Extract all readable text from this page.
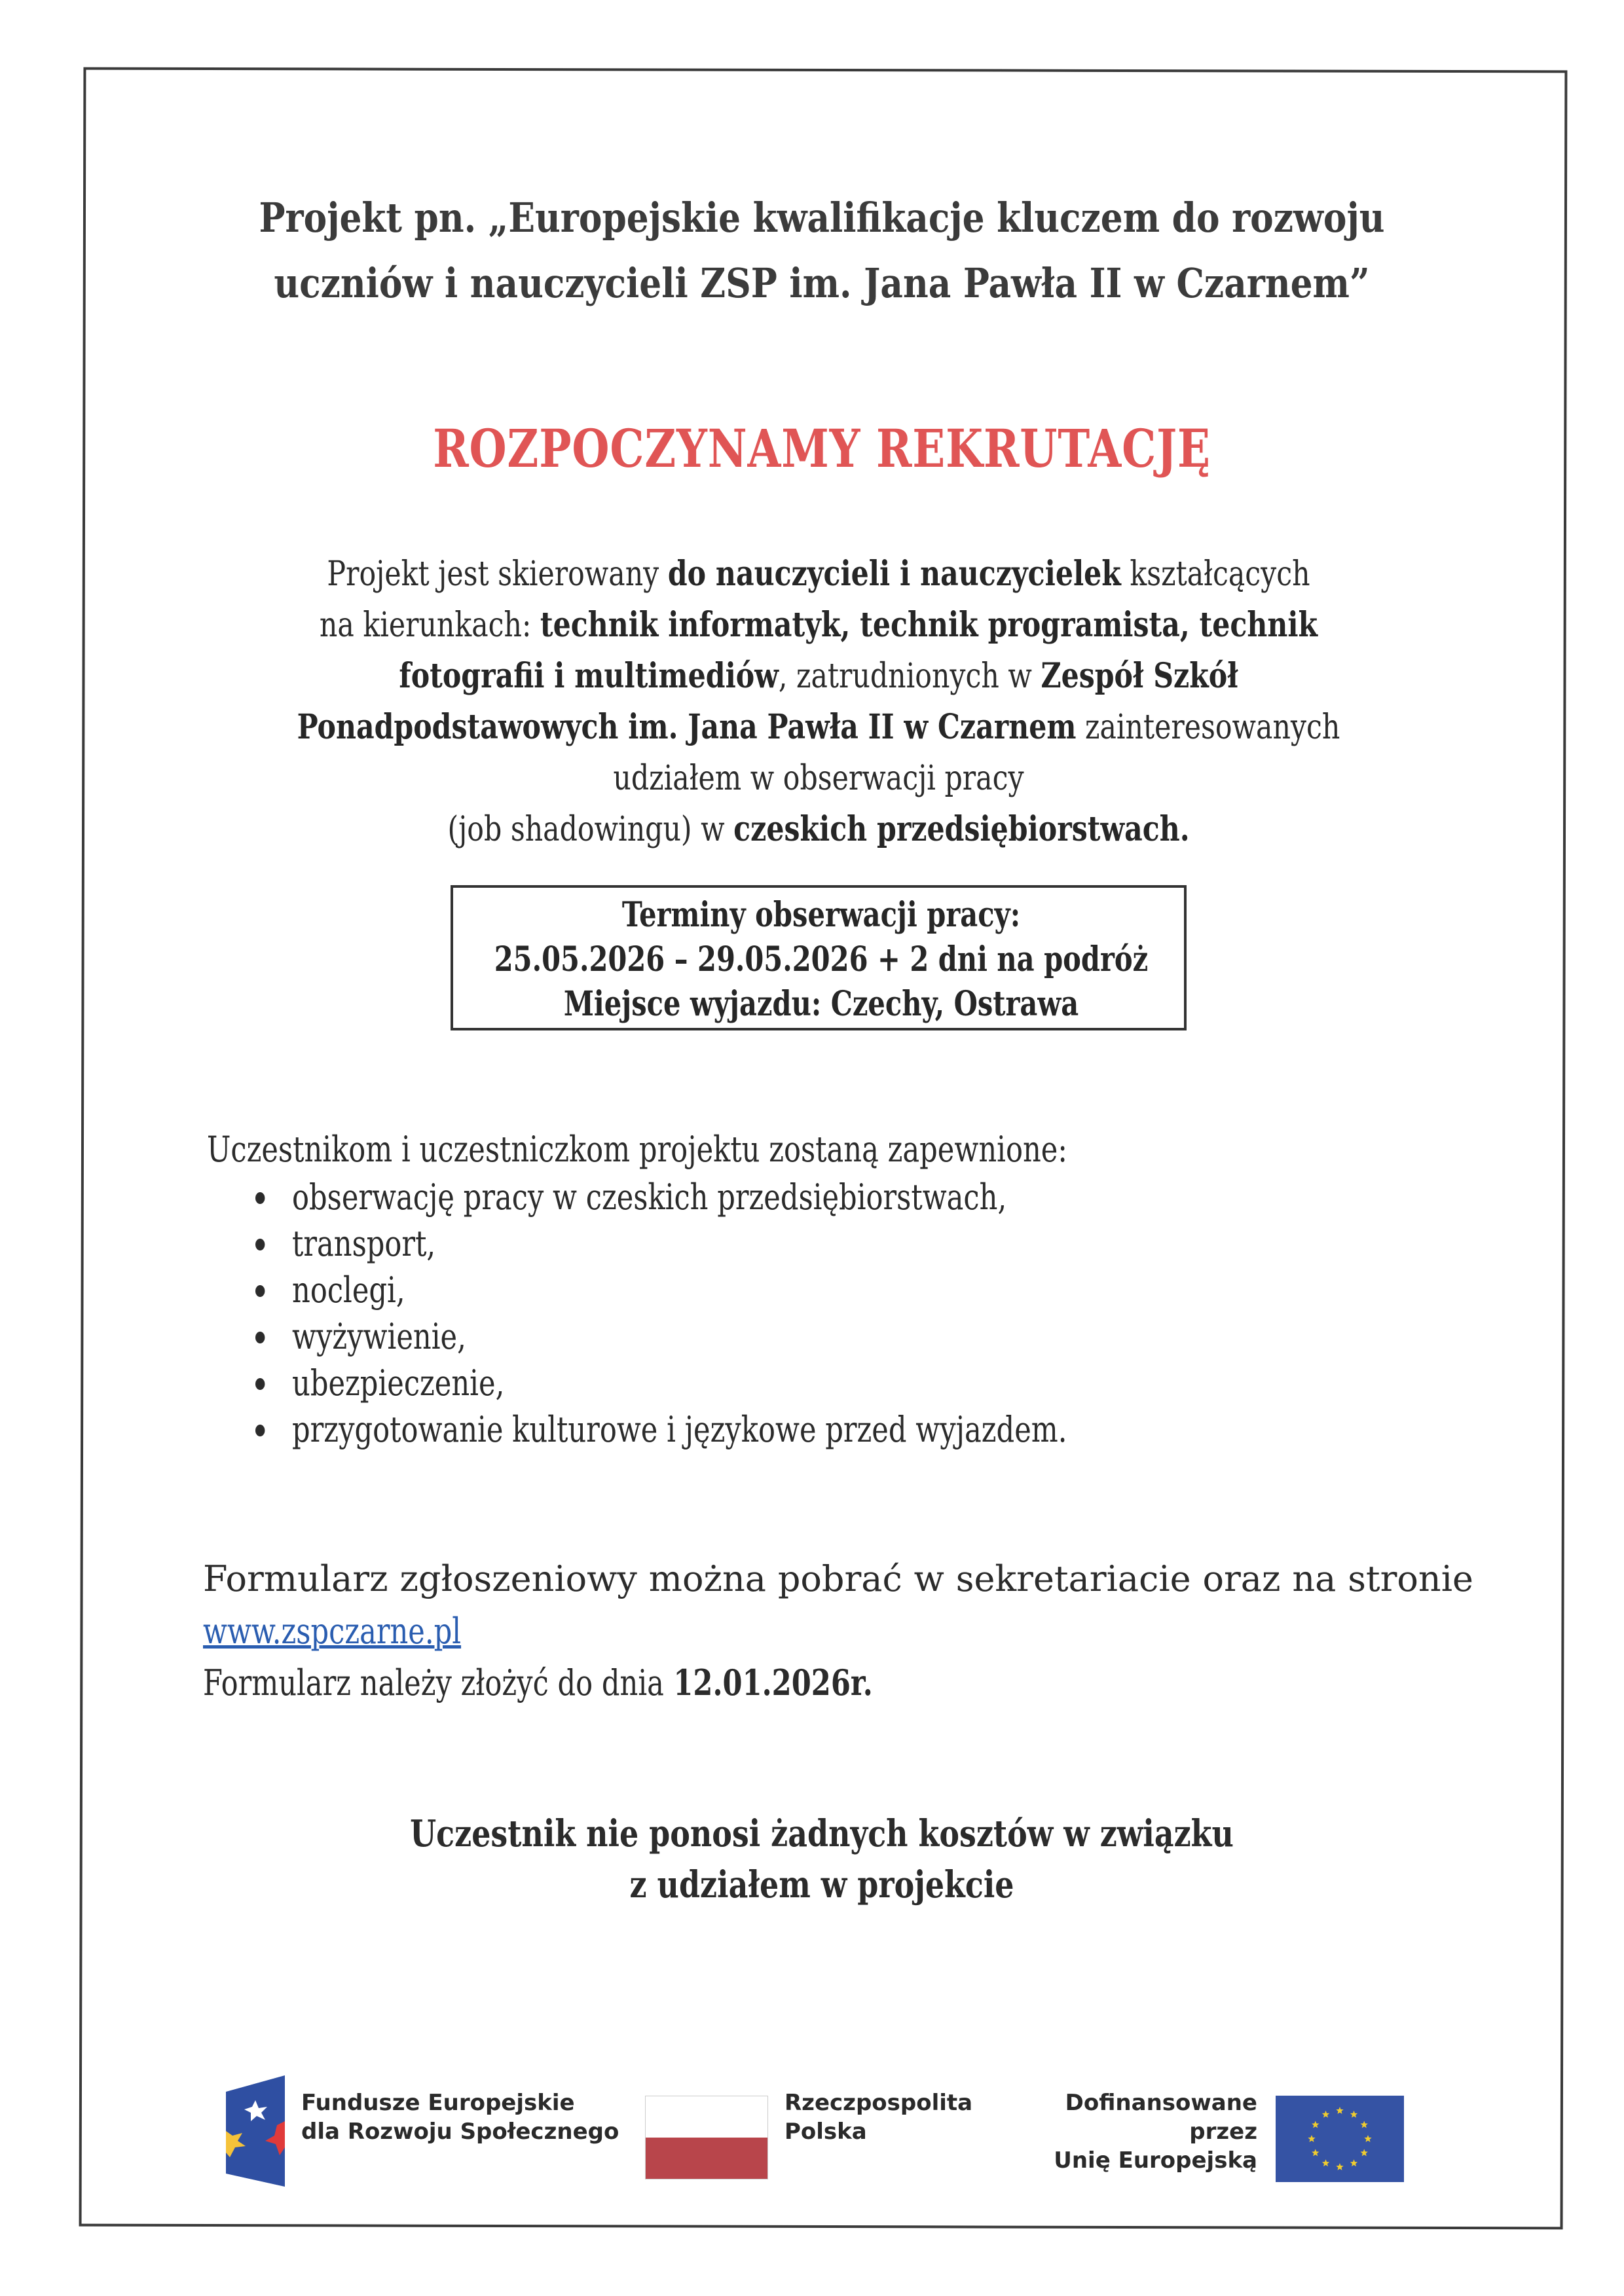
Projekt pn. „Europejskie kwalifikacje kluczem do rozwoju
uczniów i nauczycieli ZSP im. Jana Pawła II w Czarnem”
ROZPOCZYNAMY REKRUTACJĘ
Projekt jest skierowany do nauczycieli i nauczycielek kształcących
na kierunkach: technik informatyk, technik programista, technik
fotografii i multimediów, zatrudnionych w Zespół Szkół
Ponadpodstawowych im. Jana Pawła II w Czarnem zainteresowanych
udziałem w obserwacji pracy
(job shadowingu) w czeskich przedsiębiorstwach.
Terminy obserwacji pracy:
25.05.2026 – 29.05.2026 + 2 dni na podróż
Miejsce wyjazdu: Czechy, Ostrawa
Uczestnikom i uczestniczkom projektu zostaną zapewnione:
obserwację pracy w czeskich przedsiębiorstwach,
transport,
noclegi,
wyżywienie,
ubezpieczenie,
przygotowanie kulturowe i językowe przed wyjazdem.
Formularz zgłoszeniowy można pobrać w sekretariacie oraz na stronie
www.zspczarne.pl
Formularz należy złożyć do dnia 12.01.2026r.
Uczestnik nie ponosi żadnych kosztów w związku
z udziałem w projekcie
Fundusze Europejskie
dla Rozwoju Społecznego
Rzeczpospolita
Polska
Dofinansowane przez
Unię Europejską
